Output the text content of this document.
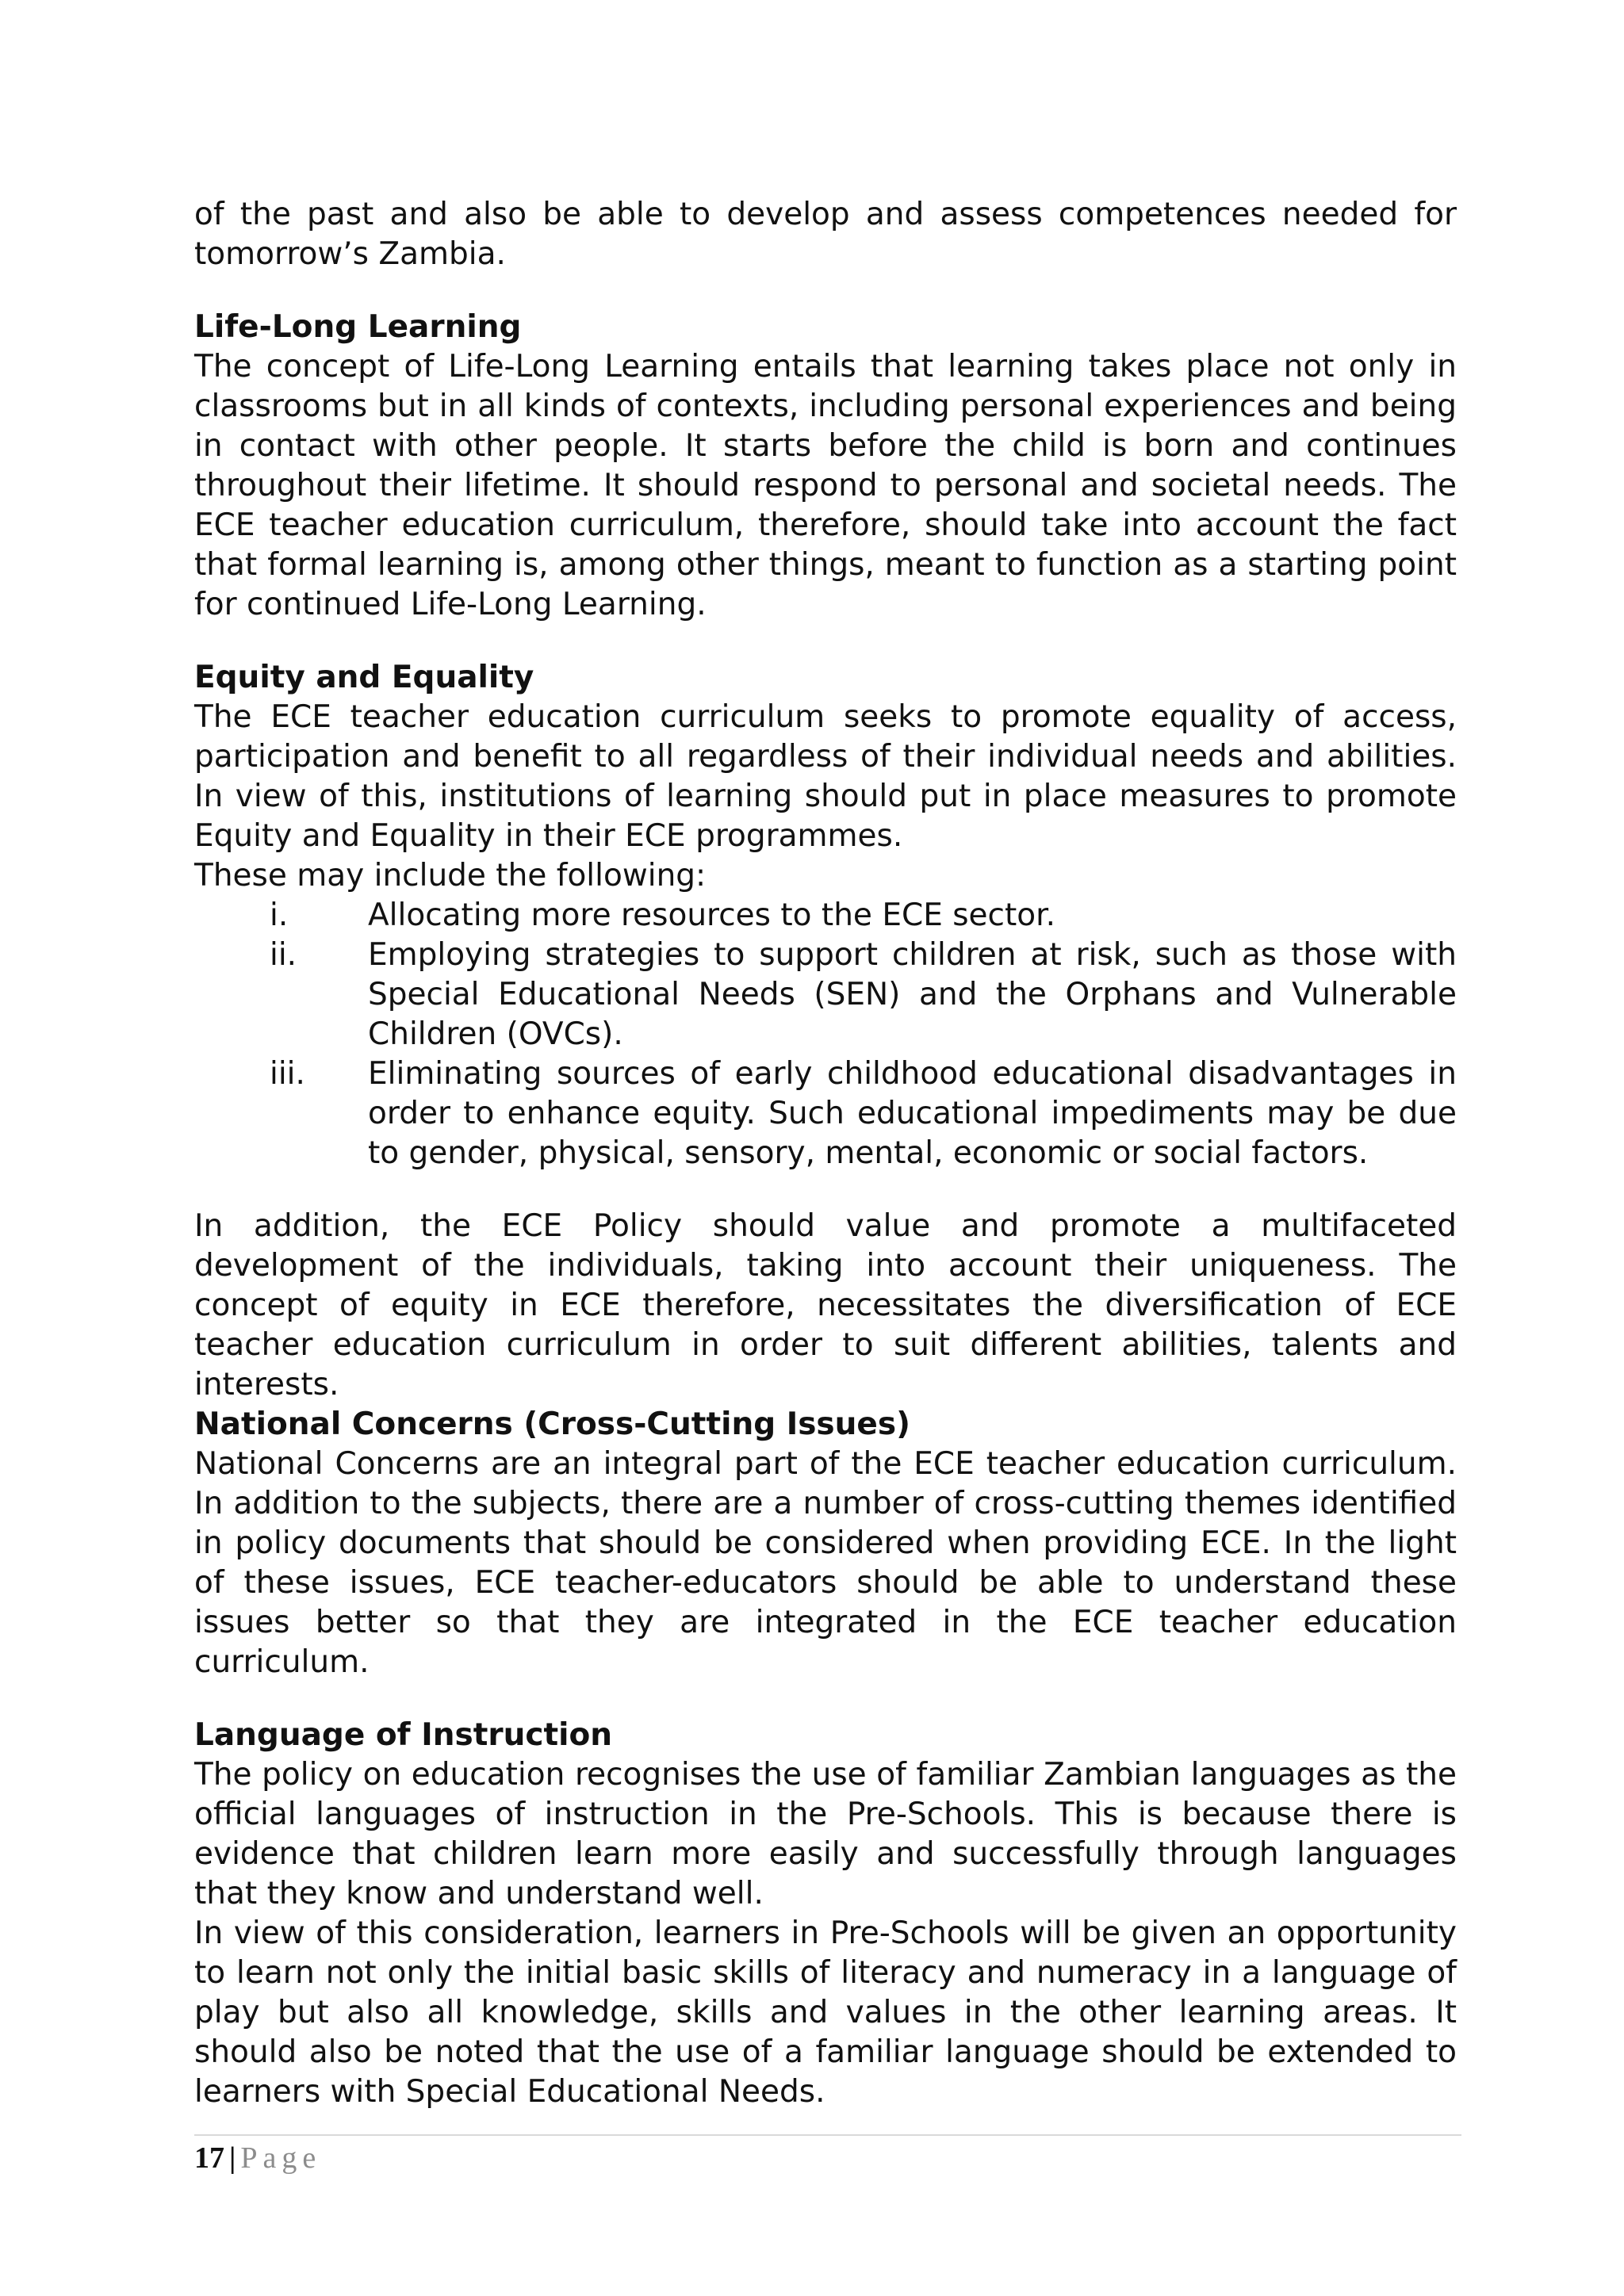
of the past and also be able to develop and assess competences needed for tomorrow’s Zambia.

Life-Long Learning

The concept of Life-Long Learning entails that learning takes place not only in classrooms but in all kinds of contexts, including personal experiences and being in contact with other people. It starts before the child is born and continues throughout their lifetime. It should respond to personal and societal needs. The ECE teacher education curriculum, therefore, should take into account the fact that formal learning is, among other things, meant to function as a starting point for continued Life-Long Learning.

Equity and Equality

The ECE teacher education curriculum seeks to promote equality of access, participation and benefit to all regardless of their individual needs and abilities. In view of this, institutions of learning should put in place measures to promote Equity and Equality in their ECE programmes.

These may include the following:

i.	Allocating more resources to the ECE sector.
ii.	Employing strategies to support children at risk, such as those with Special Educational Needs (SEN) and the Orphans and Vulnerable Children (OVCs).
iii.	Eliminating sources of early childhood educational disadvantages in order to enhance equity. Such educational impediments may be due to gender, physical, sensory, mental, economic or social factors.

In addition, the ECE Policy should value and promote a multifaceted development of the individuals, taking into account their uniqueness. The concept of equity in ECE therefore, necessitates the diversification of ECE teacher education curriculum in order to suit different abilities, talents and interests.

National Concerns (Cross-Cutting Issues)

National Concerns are an integral part of the ECE teacher education curriculum. In addition to the subjects, there are a number of cross-cutting themes identified in policy documents that should be considered when providing ECE. In the light of these issues, ECE teacher-educators should be able to understand these issues better so that they are integrated in the ECE teacher education curriculum.

Language of Instruction

The policy on education recognises the use of familiar Zambian languages as the official languages of instruction in the Pre-Schools. This is because there is evidence that children learn more easily and successfully through languages that they know and understand well.

In view of this consideration, learners in Pre-Schools will be given an opportunity to learn not only the initial basic skills of literacy and numeracy in a language of play but also all knowledge, skills and values in the other learning areas. It should also be noted that the use of a familiar language should be extended to learners with Special Educational Needs.

17 | Page
